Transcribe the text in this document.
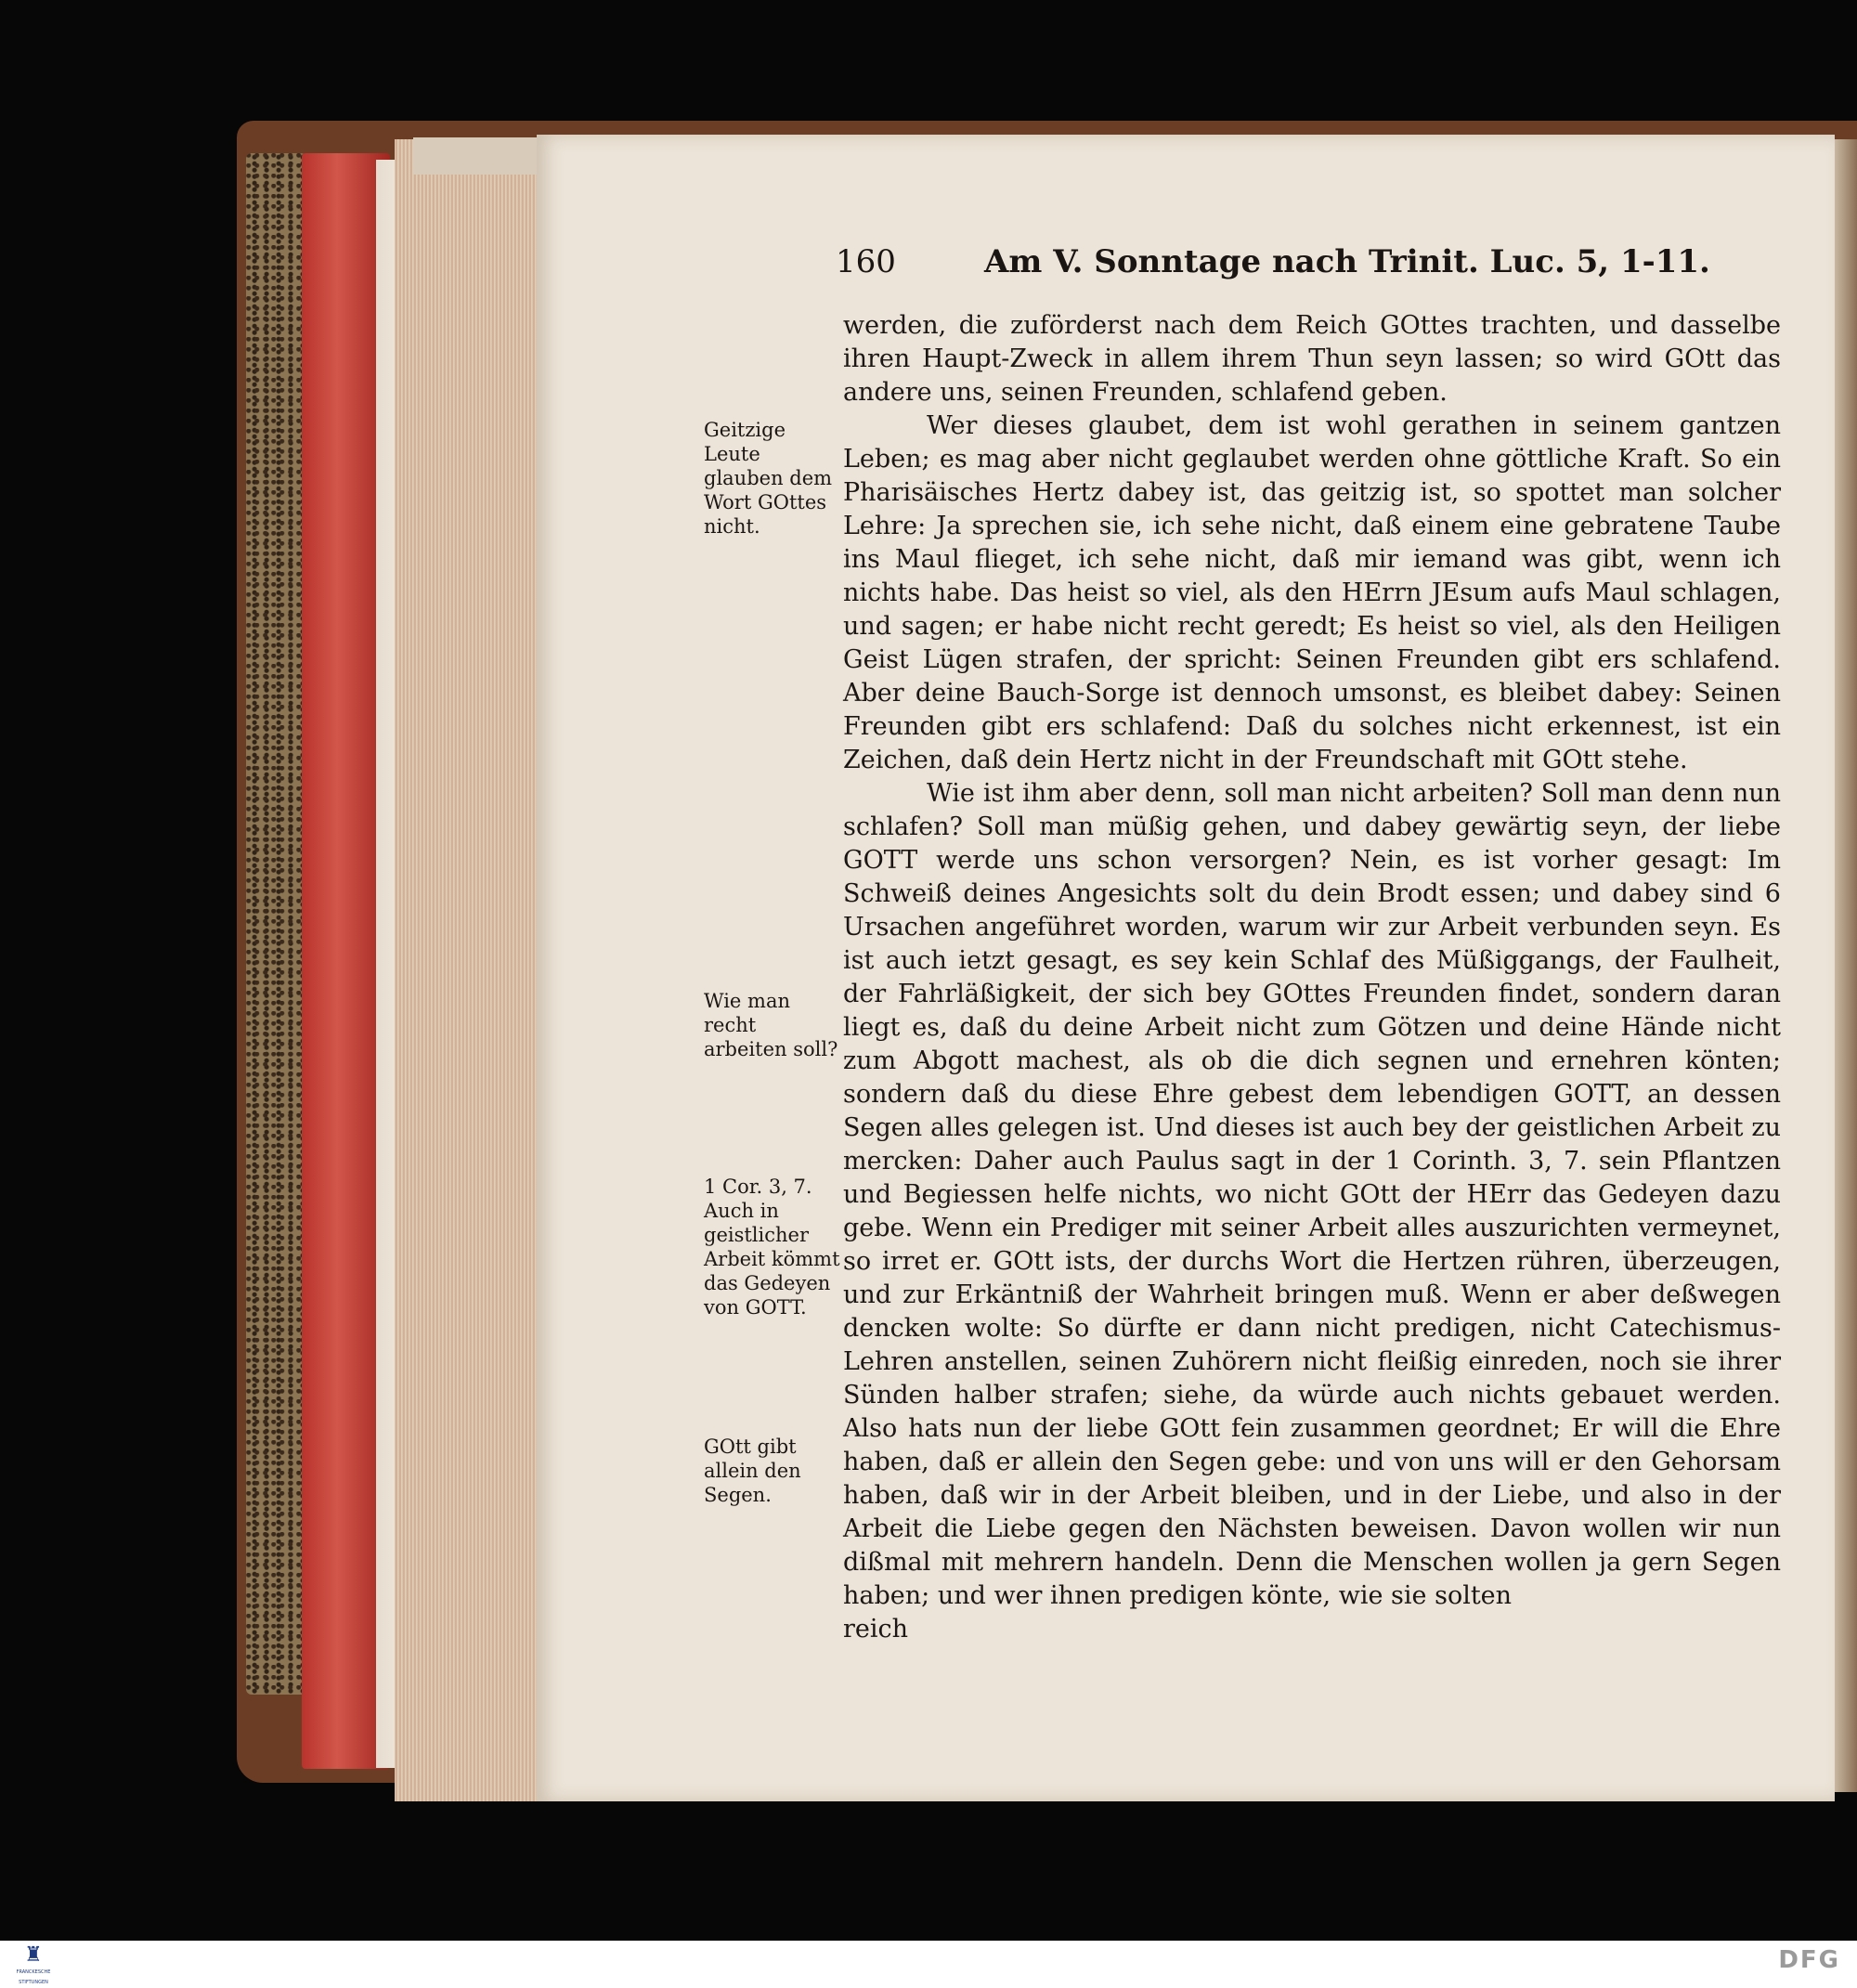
160	Am V. Sonntage nach Trinit. Luc. 5, 1-11.
Geitzige Leute glauben dem Wort GOttes nicht.
Wie man recht arbeiten soll?
1 Cor. 3, 7. Auch in geistlicher Arbeit kömmt das Gedeyen von GOTT.
GOtt gibt allein den Segen.

werden, die zuförderst nach dem Reich GOttes trachten, und dasselbe ihren Haupt-Zweck in allem ihrem Thun seyn lassen; so wird GOtt das andere uns, seinen Freunden, schlafend geben.

Wer dieses glaubet, dem ist wohl gerathen in seinem gantzen Leben; es mag aber nicht geglaubet werden ohne göttliche Kraft. So ein Pharisäisches Hertz dabey ist, das geitzig ist, so spottet man solcher Lehre: Ja sprechen sie, ich sehe nicht, daß einem eine gebratene Taube ins Maul flieget, ich sehe nicht, daß mir iemand was gibt, wenn ich nichts habe. Das heist so viel, als den HErrn JEsum aufs Maul schlagen, und sagen; er habe nicht recht geredt; Es heist so viel, als den Heiligen Geist Lügen strafen, der spricht: Seinen Freunden gibt ers schlafend. Aber deine Bauch-Sorge ist dennoch umsonst, es bleibet dabey: Seinen Freunden gibt ers schlafend: Daß du solches nicht erkennest, ist ein Zeichen, daß dein Hertz nicht in der Freundschaft mit GOtt stehe.

Wie ist ihm aber denn, soll man nicht arbeiten? Soll man denn nun schlafen? Soll man müßig gehen, und dabey gewärtig seyn, der liebe GOTT werde uns schon versorgen? Nein, es ist vorher gesagt: Im Schweiß deines Angesichts solt du dein Brodt essen; und dabey sind 6 Ursachen angeführet worden, warum wir zur Arbeit verbunden seyn. Es ist auch ietzt gesagt, es sey kein Schlaf des Müßiggangs, der Faulheit, der Fahrläßigkeit, der sich bey GOttes Freunden findet, sondern daran liegt es, daß du deine Arbeit nicht zum Götzen und deine Hände nicht zum Abgott machest, als ob die dich segnen und ernehren könten; sondern daß du diese Ehre gebest dem lebendigen GOTT, an dessen Segen alles gelegen ist. Und dieses ist auch bey der geistlichen Arbeit zu mercken: Daher auch Paulus sagt in der 1 Corinth. 3, 7. sein Pflantzen und Begiessen helfe nichts, wo nicht GOtt der HErr das Gedeyen dazu gebe. Wenn ein Prediger mit seiner Arbeit alles auszurichten vermeynet, so irret er. GOtt ists, der durchs Wort die Hertzen rühren, überzeugen, und zur Erkäntniß der Wahrheit bringen muß. Wenn er aber deßwegen dencken wolte: So dürfte er dann nicht predigen, nicht Catechismus-Lehren anstellen, seinen Zuhörern nicht fleißig einreden, noch sie ihrer Sünden halber strafen; siehe, da würde auch nichts gebauet werden. Also hats nun der liebe GOtt fein zusammen geordnet; Er will die Ehre haben, daß er allein den Segen gebe: und von uns will er den Gehorsam haben, daß wir in der Arbeit bleiben, und in der Liebe, und also in der Arbeit die Liebe gegen den Nächsten beweisen. Davon wollen wir nun dißmal mit mehrern handeln. Denn die Menschen wollen ja gern Segen haben; und wer ihnen predigen könte, wie sie solten

reich

♜
FRANCKESCHE STIFTUNGEN
DFG
